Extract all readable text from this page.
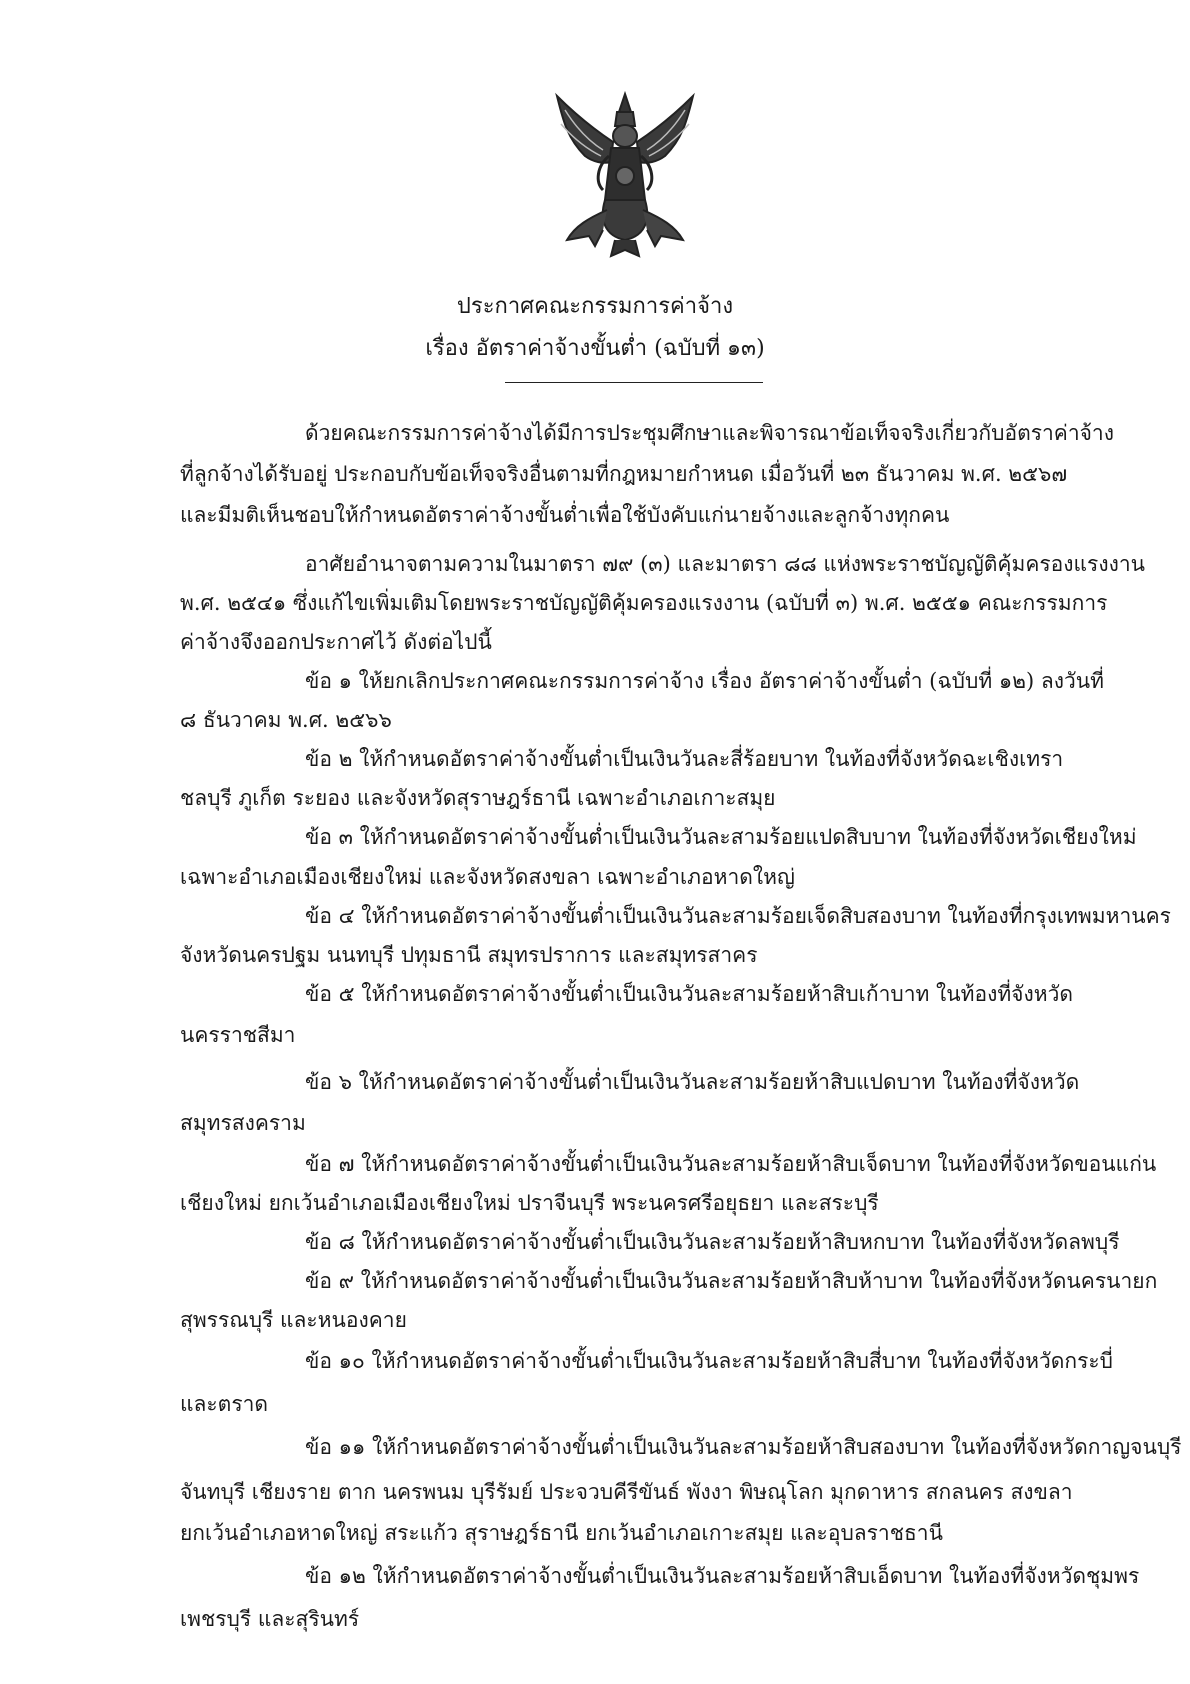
ประกาศคณะกรรมการค่าจ้าง
เรื่อง อัตราค่าจ้างขั้นต่ำ (ฉบับที่ ๑๓)
ด้วยคณะกรรมการค่าจ้างได้มีการประชุมศึกษาและพิจารณาข้อเท็จจริงเกี่ยวกับอัตราค่าจ้าง
ที่ลูกจ้างได้รับอยู่ ประกอบกับข้อเท็จจริงอื่นตามที่กฎหมายกำหนด เมื่อวันที่ ๒๓ ธันวาคม พ.ศ. ๒๕๖๗
และมีมติเห็นชอบให้กำหนดอัตราค่าจ้างขั้นต่ำเพื่อใช้บังคับแก่นายจ้างและลูกจ้างทุกคน
อาศัยอำนาจตามความในมาตรา ๗๙ (๓) และมาตรา ๘๘ แห่งพระราชบัญญัติคุ้มครองแรงงาน
พ.ศ. ๒๕๔๑ ซึ่งแก้ไขเพิ่มเติมโดยพระราชบัญญัติคุ้มครองแรงงาน (ฉบับที่ ๓) พ.ศ. ๒๕๕๑ คณะกรรมการ
ค่าจ้างจึงออกประกาศไว้ ดังต่อไปนี้
ข้อ ๑ ให้ยกเลิกประกาศคณะกรรมการค่าจ้าง เรื่อง อัตราค่าจ้างขั้นต่ำ (ฉบับที่ ๑๒) ลงวันที่
๘ ธันวาคม พ.ศ. ๒๕๖๖
ข้อ ๒ ให้กำหนดอัตราค่าจ้างขั้นต่ำเป็นเงินวันละสี่ร้อยบาท ในท้องที่จังหวัดฉะเชิงเทรา
ชลบุรี ภูเก็ต ระยอง และจังหวัดสุราษฎร์ธานี เฉพาะอำเภอเกาะสมุย
ข้อ ๓ ให้กำหนดอัตราค่าจ้างขั้นต่ำเป็นเงินวันละสามร้อยแปดสิบบาท ในท้องที่จังหวัดเชียงใหม่
เฉพาะอำเภอเมืองเชียงใหม่ และจังหวัดสงขลา เฉพาะอำเภอหาดใหญ่
ข้อ ๔ ให้กำหนดอัตราค่าจ้างขั้นต่ำเป็นเงินวันละสามร้อยเจ็ดสิบสองบาท ในท้องที่กรุงเทพมหานคร
จังหวัดนครปฐม นนทบุรี ปทุมธานี สมุทรปราการ และสมุทรสาคร
ข้อ ๕ ให้กำหนดอัตราค่าจ้างขั้นต่ำเป็นเงินวันละสามร้อยห้าสิบเก้าบาท ในท้องที่จังหวัด
นครราชสีมา
ข้อ ๖ ให้กำหนดอัตราค่าจ้างขั้นต่ำเป็นเงินวันละสามร้อยห้าสิบแปดบาท ในท้องที่จังหวัด
สมุทรสงคราม
ข้อ ๗ ให้กำหนดอัตราค่าจ้างขั้นต่ำเป็นเงินวันละสามร้อยห้าสิบเจ็ดบาท ในท้องที่จังหวัดขอนแก่น
เชียงใหม่ ยกเว้นอำเภอเมืองเชียงใหม่ ปราจีนบุรี พระนครศรีอยุธยา และสระบุรี
ข้อ ๘ ให้กำหนดอัตราค่าจ้างขั้นต่ำเป็นเงินวันละสามร้อยห้าสิบหกบาท ในท้องที่จังหวัดลพบุรี
ข้อ ๙ ให้กำหนดอัตราค่าจ้างขั้นต่ำเป็นเงินวันละสามร้อยห้าสิบห้าบาท ในท้องที่จังหวัดนครนายก
สุพรรณบุรี และหนองคาย
ข้อ ๑๐ ให้กำหนดอัตราค่าจ้างขั้นต่ำเป็นเงินวันละสามร้อยห้าสิบสี่บาท ในท้องที่จังหวัดกระบี่
และตราด
ข้อ ๑๑ ให้กำหนดอัตราค่าจ้างขั้นต่ำเป็นเงินวันละสามร้อยห้าสิบสองบาท ในท้องที่จังหวัดกาญจนบุรี
จันทบุรี เชียงราย ตาก นครพนม บุรีรัมย์ ประจวบคีรีขันธ์ พังงา พิษณุโลก มุกดาหาร สกลนคร สงขลา
ยกเว้นอำเภอหาดใหญ่ สระแก้ว สุราษฎร์ธานี ยกเว้นอำเภอเกาะสมุย และอุบลราชธานี
ข้อ ๑๒ ให้กำหนดอัตราค่าจ้างขั้นต่ำเป็นเงินวันละสามร้อยห้าสิบเอ็ดบาท ในท้องที่จังหวัดชุมพร
เพชรบุรี และสุรินทร์
